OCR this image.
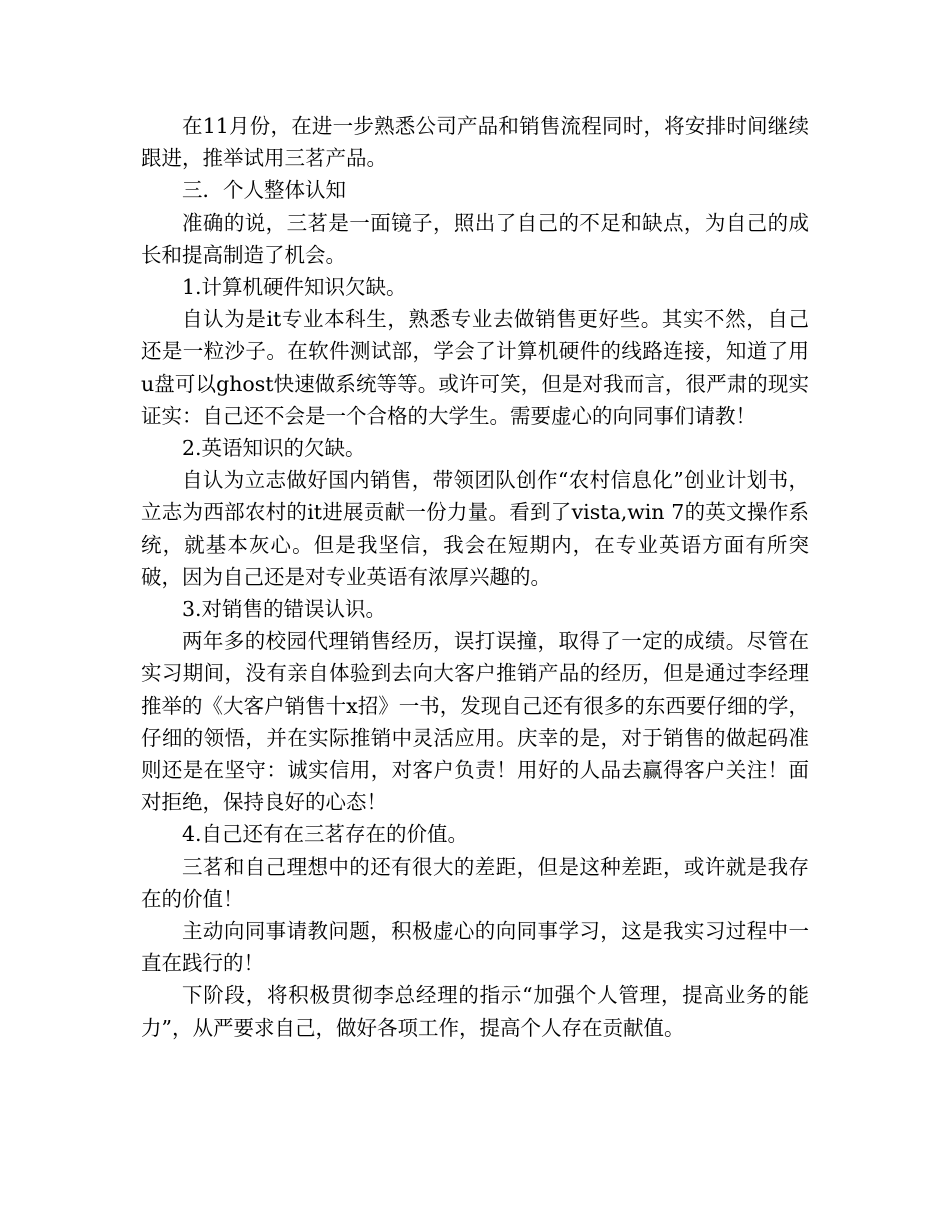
在11月份，在进一步熟悉公司产品和销售流程同时，将安排时间继续跟进，推举试用三茗产品。

三．个人整体认知

准确的说，三茗是一面镜子，照出了自己的不足和缺点，为自己的成长和提高制造了机会。

1.计算机硬件知识欠缺。

自认为是it专业本科生，熟悉专业去做销售更好些。其实不然，自己还是一粒沙子。在软件测试部，学会了计算机硬件的线路连接，知道了用u盘可以ghost快速做系统等等。或许可笑，但是对我而言，很严肃的现实证实：自己还不会是一个合格的大学生。需要虚心的向同事们请教！

2.英语知识的欠缺。

自认为立志做好国内销售，带领团队创作“农村信息化”创业计划书，立志为西部农村的it进展贡献一份力量。看到了vista,win 7的英文操作系统，就基本灰心。但是我坚信，我会在短期内，在专业英语方面有所突破，因为自己还是对专业英语有浓厚兴趣的。

3.对销售的错误认识。

两年多的校园代理销售经历，误打误撞，取得了一定的成绩。尽管在实习期间，没有亲自体验到去向大客户推销产品的经历，但是通过李经理推举的《大客户销售十x招》一书，发现自己还有很多的东西要仔细的学，仔细的领悟，并在实际推销中灵活应用。庆幸的是，对于销售的做起码准则还是在坚守：诚实信用，对客户负责！用好的人品去赢得客户关注！面对拒绝，保持良好的心态！

4.自己还有在三茗存在的价值。

三茗和自己理想中的还有很大的差距，但是这种差距，或许就是我存在的价值！

主动向同事请教问题，积极虚心的向同事学习，这是我实习过程中一直在践行的！

下阶段，将积极贯彻李总经理的指示“加强个人管理，提高业务的能力”，从严要求自己，做好各项工作，提高个人存在贡献值。
